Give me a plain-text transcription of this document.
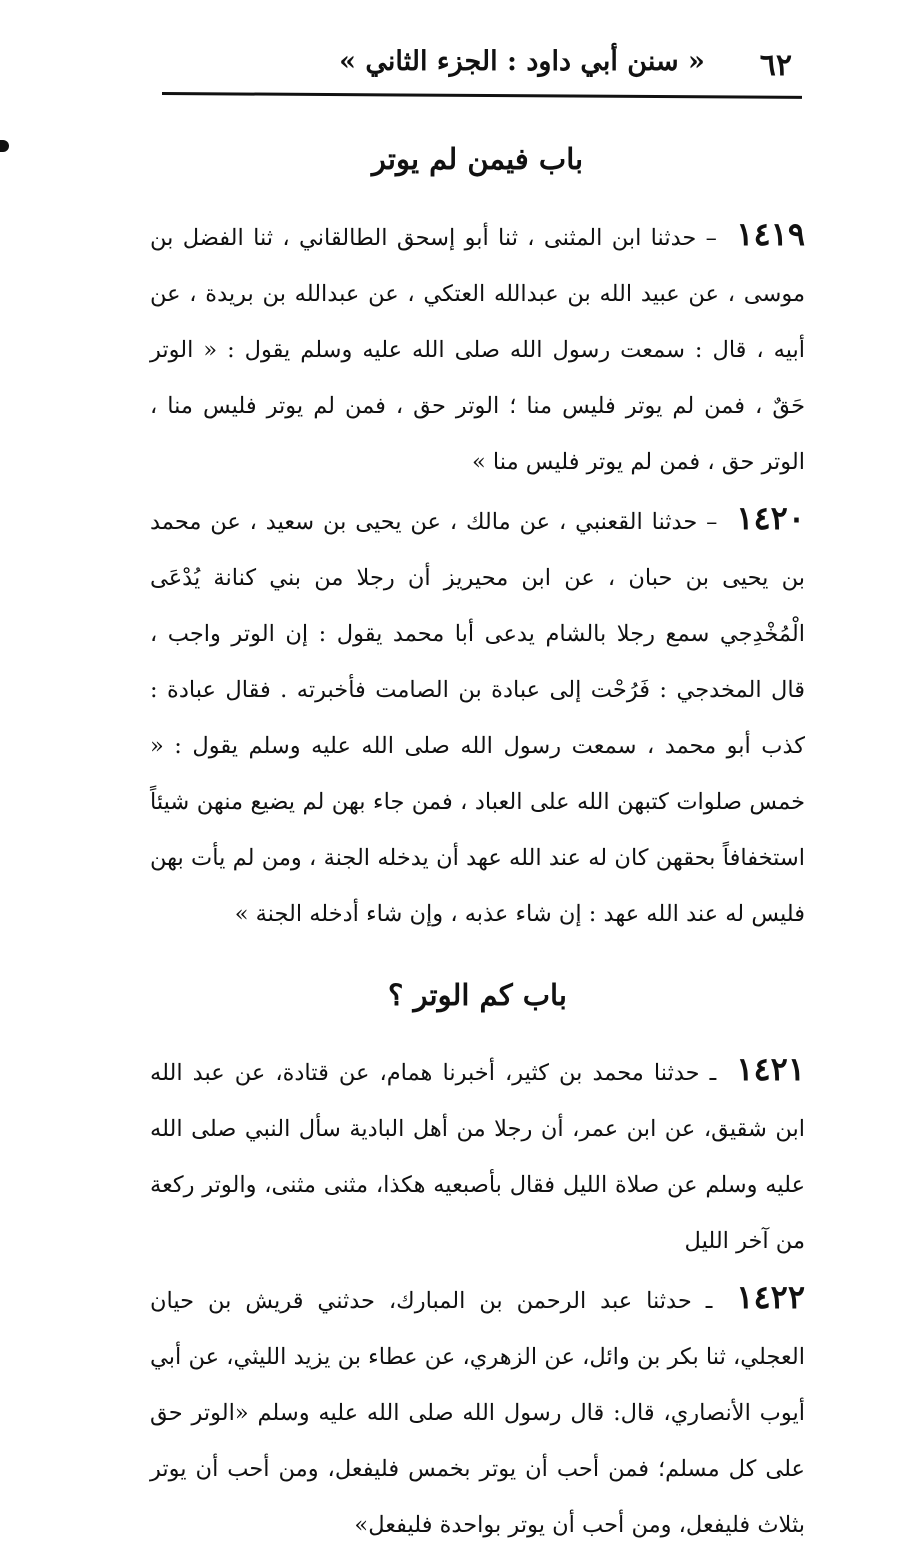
٦٢
« سنن أبي داود : الجزء الثاني »
باب فيمن لم يوتر

١٤١٩ – حدثنا ابن المثنى ، ثنا أبو إسحق الطالقاني ، ثنا الفضل بن موسى ، عن عبيد الله بن عبدالله العتكي ، عن عبدالله بن بريدة ، عن أبيه ، قال : سمعت رسول الله صلى الله عليه وسلم يقول : « الوتر حَقٌ ، فمن لم يوتر فليس منا ؛ الوتر حق ، فمن لم يوتر فليس منا ، الوتر حق ، فمن لم يوتر فليس منا »

١٤٢٠ – حدثنا القعنبي ، عن مالك ، عن يحيى بن سعيد ، عن محمد بن يحيى بن حبان ، عن ابن محيريز أن رجلا من بني كنانة يُدْعَى الْمُخْدِجي سمع رجلا بالشام يدعى أبا محمد يقول : إن الوتر واجب ، قال المخدجي : فَرُحْت إلى عبادة بن الصامت فأخبرته . فقال عبادة : كذب أبو محمد ، سمعت رسول الله صلى الله عليه وسلم يقول : « خمس صلوات كتبهن الله على العباد ، فمن جاء بهن لم يضيع منهن شيئاً استخفافاً بحقهن كان له عند الله عهد أن يدخله الجنة ، ومن لم يأت بهن فليس له عند الله عهد : إن شاء عذبه ، وإن شاء أدخله الجنة »

باب كم الوتر ؟

١٤٢١ ـ حدثنا محمد بن كثير، أخبرنا همام، عن قتادة، عن عبد الله ابن شقيق، عن ابن عمر، أن رجلا من أهل البادية سأل النبي صلى الله عليه وسلم عن صلاة الليل فقال بأصبعيه هكذا، مثنى مثنى، والوتر ركعة من آخر الليل

١٤٢٢ ـ حدثنا عبد الرحمن بن المبارك، حدثني قريش بن حيان العجلي، ثنا بكر بن وائل، عن الزهري، عن عطاء بن يزيد الليثي، عن أبي أيوب الأنصاري، قال: قال رسول الله صلى الله عليه وسلم «الوتر حق على كل مسلم؛ فمن أحب أن يوتر بخمس فليفعل، ومن أحب أن يوتر بثلاث فليفعل، ومن أحب أن يوتر بواحدة فليفعل»
